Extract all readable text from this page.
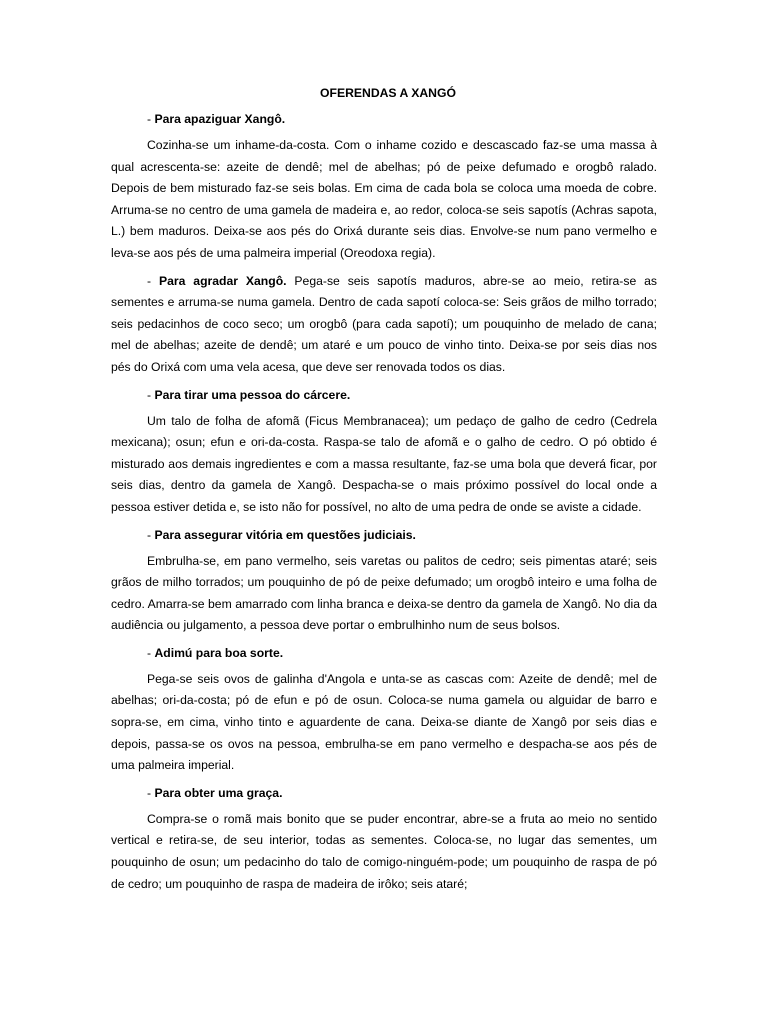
OFERENDAS A XANGÓ
- Para apaziguar Xangô.

Cozinha-se um inhame-da-costa. Com o inhame cozido e descascado faz-se uma massa à qual acrescenta-se: azeite de dendê; mel de abelhas; pó de peixe defumado e orogbô ralado. Depois de bem misturado faz-se seis bolas. Em cima de cada bola se coloca uma moeda de cobre. Arruma-se no centro de uma gamela de madeira e, ao redor, coloca-se seis sapotís (Achras sapota, L.) bem maduros. Deixa-se aos pés do Orixá durante seis dias. Envolve-se num pano vermelho e leva-se aos pés de uma palmeira imperial (Oreodoxa regia).

- Para agradar Xangô. Pega-se seis sapotís maduros, abre-se ao meio, retira-se as sementes e arruma-se numa gamela. Dentro de cada sapotí coloca-se: Seis grãos de milho torrado; seis pedacinhos de coco seco; um orogbô (para cada sapotí); um pouquinho de melado de cana; mel de abelhas; azeite de dendê; um ataré e um pouco de vinho tinto. Deixa-se por seis dias nos pés do Orixá com uma vela acesa, que deve ser renovada todos os dias.

- Para tirar uma pessoa do cárcere.

Um talo de folha de afomã (Ficus Membranacea); um pedaço de galho de cedro (Cedrela mexicana); osun; efun e ori-da-costa. Raspa-se talo de afomã e o galho de cedro. O pó obtido é misturado aos demais ingredientes e com a massa resultante, faz-se uma bola que deverá ficar, por seis dias, dentro da gamela de Xangô. Despacha-se o mais próximo possível do local onde a pessoa estiver detida e, se isto não for possível, no alto de uma pedra de onde se aviste a cidade.

- Para assegurar vitória em questões judiciais.

Embrulha-se, em pano vermelho, seis varetas ou palitos de cedro; seis pimentas ataré; seis grãos de milho torrados; um pouquinho de pó de peixe defumado; um orogbô inteiro e uma folha de cedro. Amarra-se bem amarrado com linha branca e deixa-se dentro da gamela de Xangô. No dia da audiência ou julgamento, a pessoa deve portar o embrulhinho num de seus bolsos.

- Adimú para boa sorte.

Pega-se seis ovos de galinha d'Angola e unta-se as cascas com: Azeite de dendê; mel de abelhas; ori-da-costa; pó de efun e pó de osun. Coloca-se numa gamela ou alguidar de barro e sopra-se, em cima, vinho tinto e aguardente de cana. Deixa-se diante de Xangô por seis dias e depois, passa-se os ovos na pessoa, embrulha-se em pano vermelho e despacha-se aos pés de uma palmeira imperial.

- Para obter uma graça.

Compra-se o romã mais bonito que se puder encontrar, abre-se a fruta ao meio no sentido vertical e retira-se, de seu interior, todas as sementes. Coloca-se, no lugar das sementes, um pouquinho de osun; um pedacinho do talo de comigo-ninguém-pode; um pouquinho de raspa de pó de cedro; um pouquinho de raspa de madeira de irôko; seis ataré;
